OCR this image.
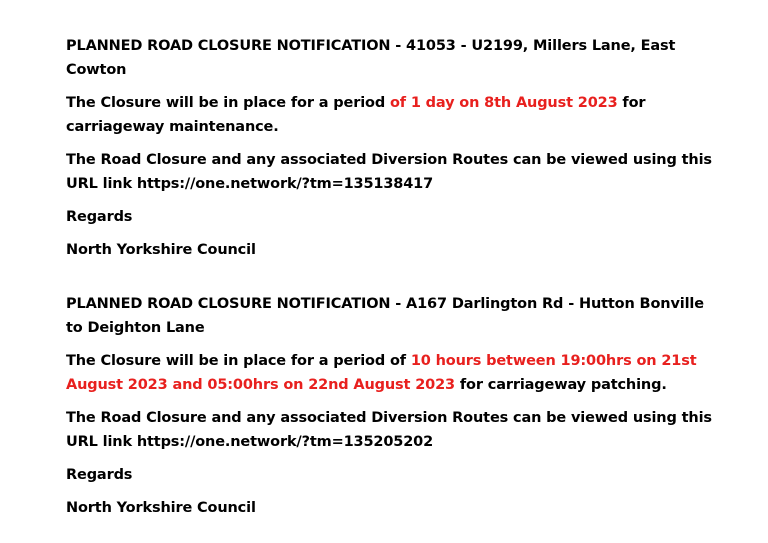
PLANNED ROAD CLOSURE NOTIFICATION - 41053 - U2199, Millers Lane, East Cowton

The Closure will be in place for a period of 1 day on 8th August 2023 for carriageway maintenance.

The Road Closure and any associated Diversion Routes can be viewed using this URL link https://one.network/?tm=135138417

Regards

North Yorkshire Council

PLANNED ROAD CLOSURE NOTIFICATION - A167 Darlington Rd - Hutton Bonville to Deighton Lane

The Closure will be in place for a period of 10 hours between 19:00hrs on 21st August 2023 and 05:00hrs on 22nd August 2023 for carriageway patching.

The Road Closure and any associated Diversion Routes can be viewed using this URL link https://one.network/?tm=135205202

Regards

North Yorkshire Council
